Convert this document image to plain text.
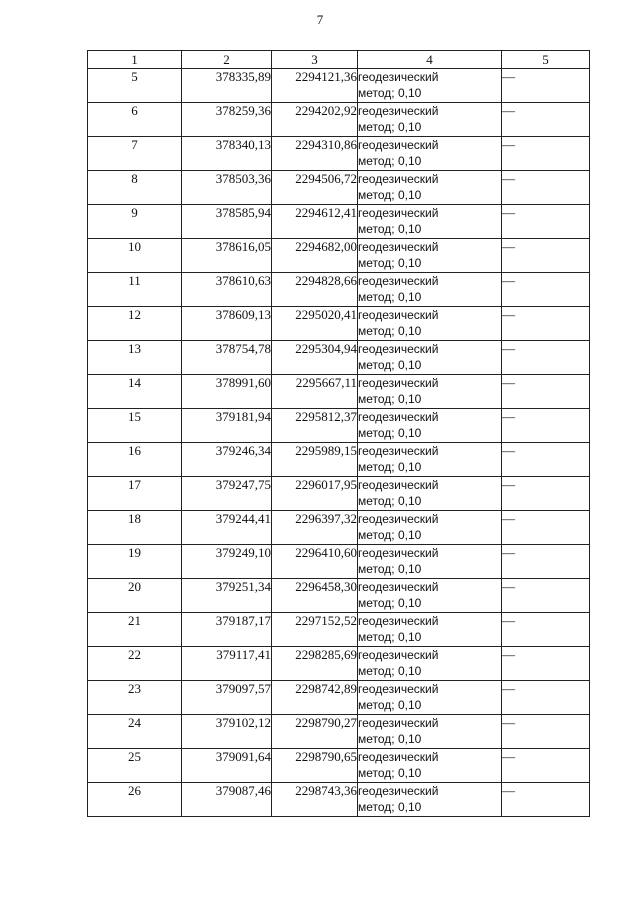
7
1	2	3	4	5
5	378335,89	2294121,36	геодезический
метод; 0,10	—
6	378259,36	2294202,92	геодезический
метод; 0,10	—
7	378340,13	2294310,86	геодезический
метод; 0,10	—
8	378503,36	2294506,72	геодезический
метод; 0,10	—
9	378585,94	2294612,41	геодезический
метод; 0,10	—
10	378616,05	2294682,00	геодезический
метод; 0,10	—
11	378610,63	2294828,66	геодезический
метод; 0,10	—
12	378609,13	2295020,41	геодезический
метод; 0,10	—
13	378754,78	2295304,94	геодезический
метод; 0,10	—
14	378991,60	2295667,11	геодезический
метод; 0,10	—
15	379181,94	2295812,37	геодезический
метод; 0,10	—
16	379246,34	2295989,15	геодезический
метод; 0,10	—
17	379247,75	2296017,95	геодезический
метод; 0,10	—
18	379244,41	2296397,32	геодезический
метод; 0,10	—
19	379249,10	2296410,60	геодезический
метод; 0,10	—
20	379251,34	2296458,30	геодезический
метод; 0,10	—
21	379187,17	2297152,52	геодезический
метод; 0,10	—
22	379117,41	2298285,69	геодезический
метод; 0,10	—
23	379097,57	2298742,89	геодезический
метод; 0,10	—
24	379102,12	2298790,27	геодезический
метод; 0,10	—
25	379091,64	2298790,65	геодезический
метод; 0,10	—
26	379087,46	2298743,36	геодезический
метод; 0,10	—
